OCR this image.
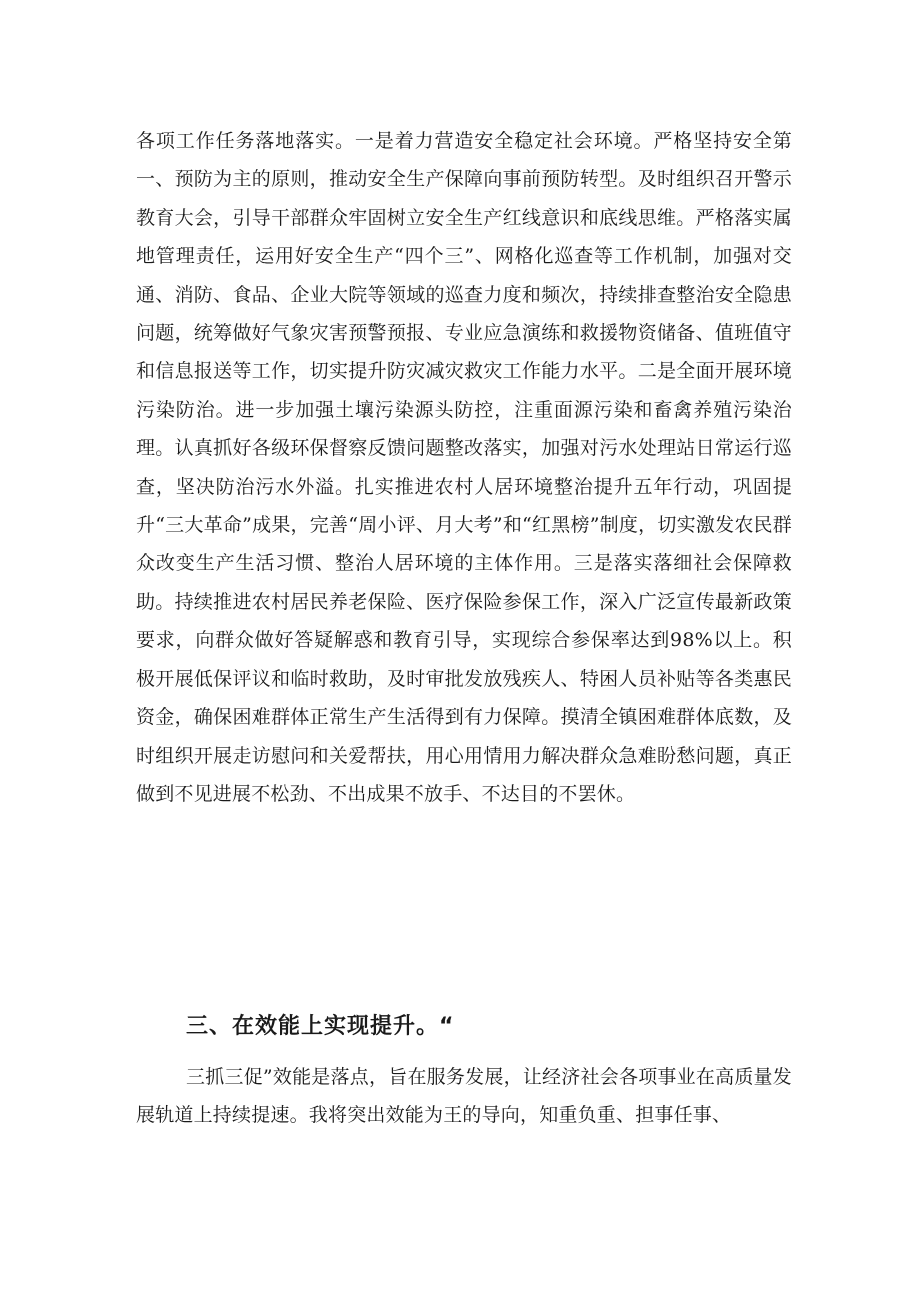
各项工作任务落地落实。一是着力营造安全稳定社会环境。严格坚持安全第一、预防为主的原则，推动安全生产保障向事前预防转型。及时组织召开警示教育大会，引导干部群众牢固树立安全生产红线意识和底线思维。严格落实属地管理责任，运用好安全生产“四个三”、网格化巡查等工作机制，加强对交通、消防、食品、企业大院等领域的巡查力度和频次，持续排查整治安全隐患问题，统筹做好气象灾害预警预报、专业应急演练和救援物资储备、值班值守和信息报送等工作，切实提升防灾减灾救灾工作能力水平。二是全面开展环境污染防治。进一步加强土壤污染源头防控，注重面源污染和畜禽养殖污染治理。认真抓好各级环保督察反馈问题整改落实，加强对污水处理站日常运行巡查，坚决防治污水外溢。扎实推进农村人居环境整治提升五年行动，巩固提升“三大革命”成果，完善“周小评、月大考”和“红黑榜”制度，切实激发农民群众改变生产生活习惯、整治人居环境的主体作用。三是落实落细社会保障救助。持续推进农村居民养老保险、医疗保险参保工作，深入广泛宣传最新政策要求，向群众做好答疑解惑和教育引导，实现综合参保率达到98%以上。积极开展低保评议和临时救助，及时审批发放残疾人、特困人员补贴等各类惠民资金，确保困难群体正常生产生活得到有力保障。摸清全镇困难群体底数，及时组织开展走访慰问和关爱帮扶，用心用情用力解决群众急难盼愁问题，真正做到不见进展不松劲、不出成果不放手、不达目的不罢休。

三、在效能上实现提升。“

三抓三促”效能是落点，旨在服务发展，让经济社会各项事业在高质量发展轨道上持续提速。我将突出效能为王的导向，知重负重、担事任事、
